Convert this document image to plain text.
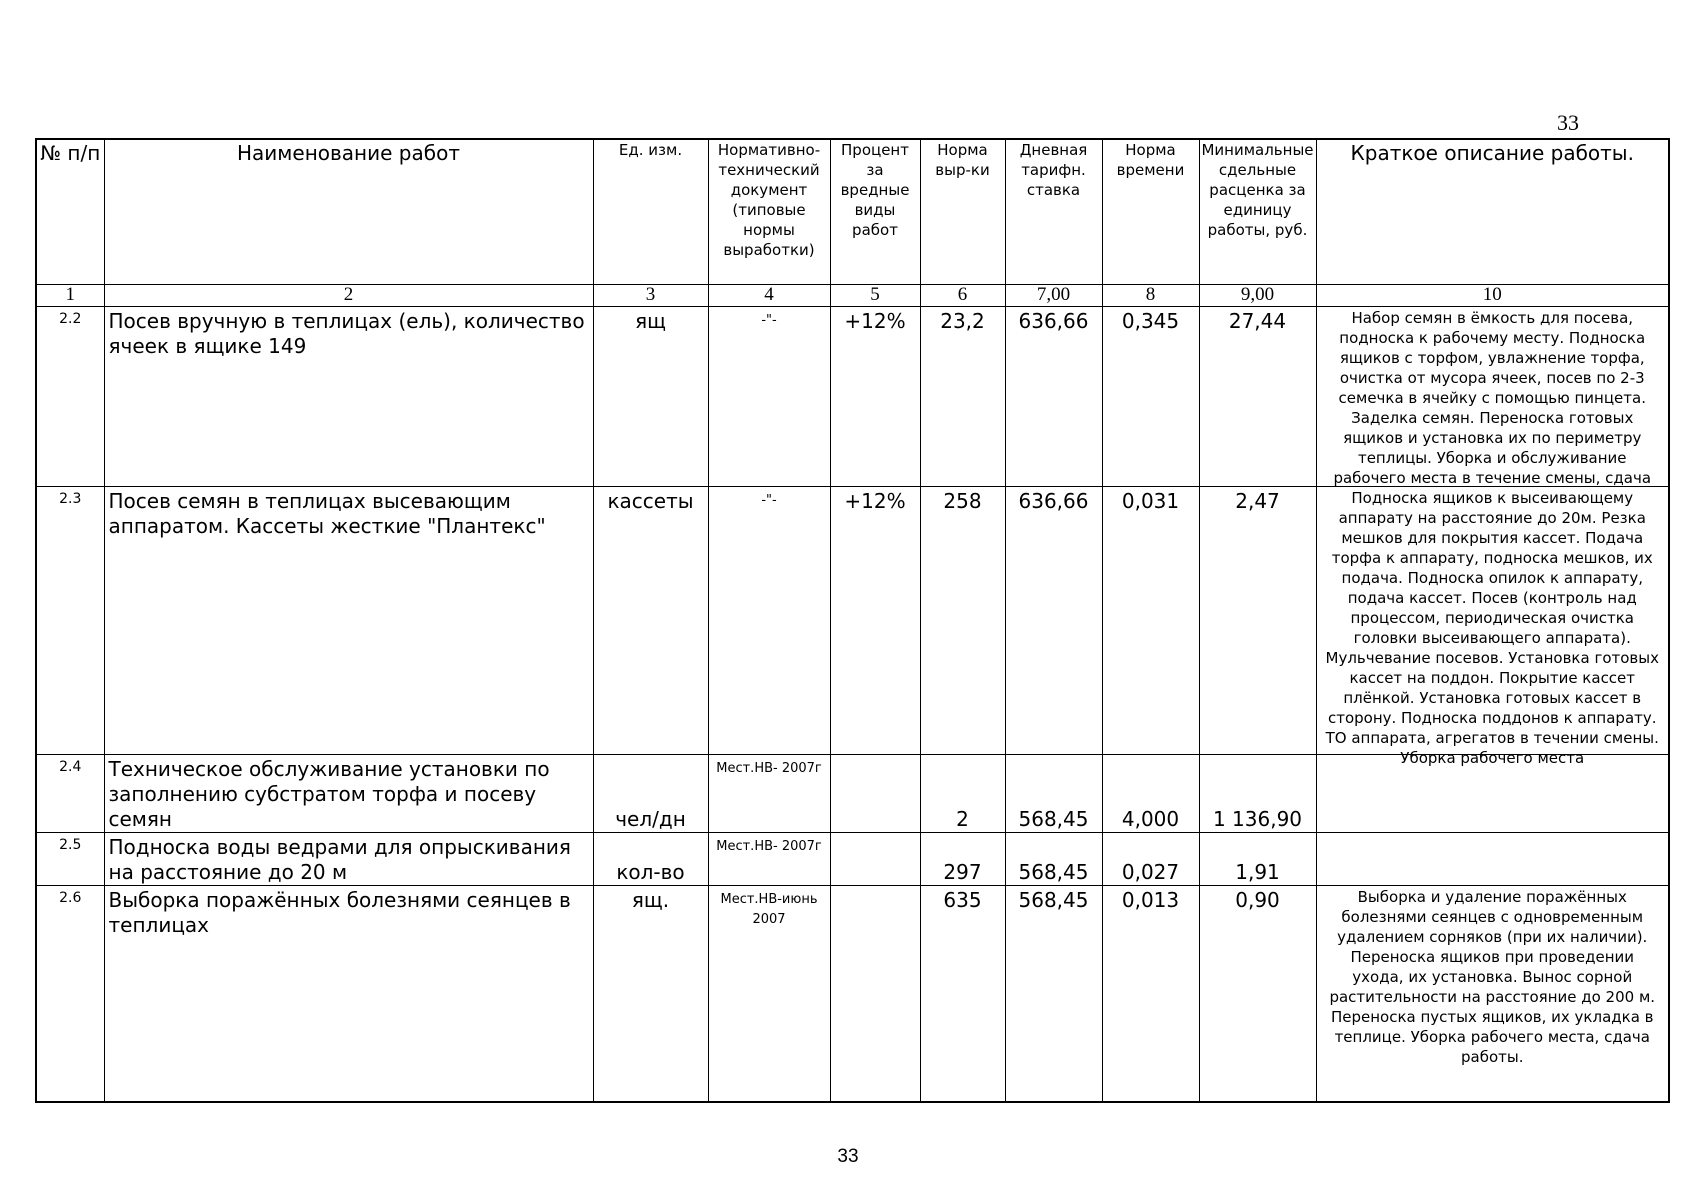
33
№ п/п	Наименование работ	Ед. изм.	Нормативно-технический документ (типовые нормы выработки)	Процент за вредные виды работ	Норма выр-ки	Дневная тарифн. ставка	Норма времени	Минимальные сдельные расценка за единицу работы, руб.	Краткое описание работы.
1	2	3	4	5	6	7,00	8	9,00	10
2.2	Посев вручную в теплицах (ель), количество ячеек в ящике 149	ящ	-"-	+12%	23,2	636,66	0,345	27,44	Набор семян в ёмкость для посева, подноска к рабочему месту. Подноска ящиков с торфом, увлажнение торфа, очистка от мусора ячеек, посев по 2-3 семечка в ячейку с помощью пинцета. Заделка семян. Переноска готовых ящиков и установка их по периметру теплицы. Уборка и обслуживание рабочего места в течение смены, сдача

2.3	Посев семян в теплицах высевающим аппаратом. Кассеты жесткие "Плантекс"	кассеты	-"-	+12%	258	636,66	0,031	2,47	Подноска ящиков к высеивающему аппарату на расстояние до 20м. Резка мешков для покрытия кассет. Подача торфа к аппарату, подноска мешков, их подача. Подноска опилок к аппарату, подача кассет. Посев (контроль над процессом, периодическая очистка головки высеивающего аппарата). Мульчевание посевов. Установка готовых кассет на поддон. Покрытие кассет плёнкой. Установка готовых кассет в сторону. Подноска поддонов к аппарату. ТО аппарата, агрегатов в течении смены. Уборка рабочего места

2.4	Техническое обслуживание установки по заполнению субстратом торфа и посеву семян	чел/дн	Мест.НВ- 2007г		2	568,45	4,000	1 136,90	
2.5	Подноска воды ведрами для опрыскивания на расстояние до 20 м	кол-во	Мест.НВ- 2007г		297	568,45	0,027	1,91	
2.6	Выборка поражённых болезнями сеянцев в теплицах	ящ.	Мест.НВ-июнь 2007		635	568,45	0,013	0,90	Выборка и удаление поражённых болезнями сеянцев с одновременным удалением сорняков (при их наличии). Переноска ящиков при проведении ухода, их установка. Вынос сорной растительности на расстояние до 200 м. Переноска пустых ящиков, их укладка в теплице. Уборка рабочего места, сдача работы.
33
